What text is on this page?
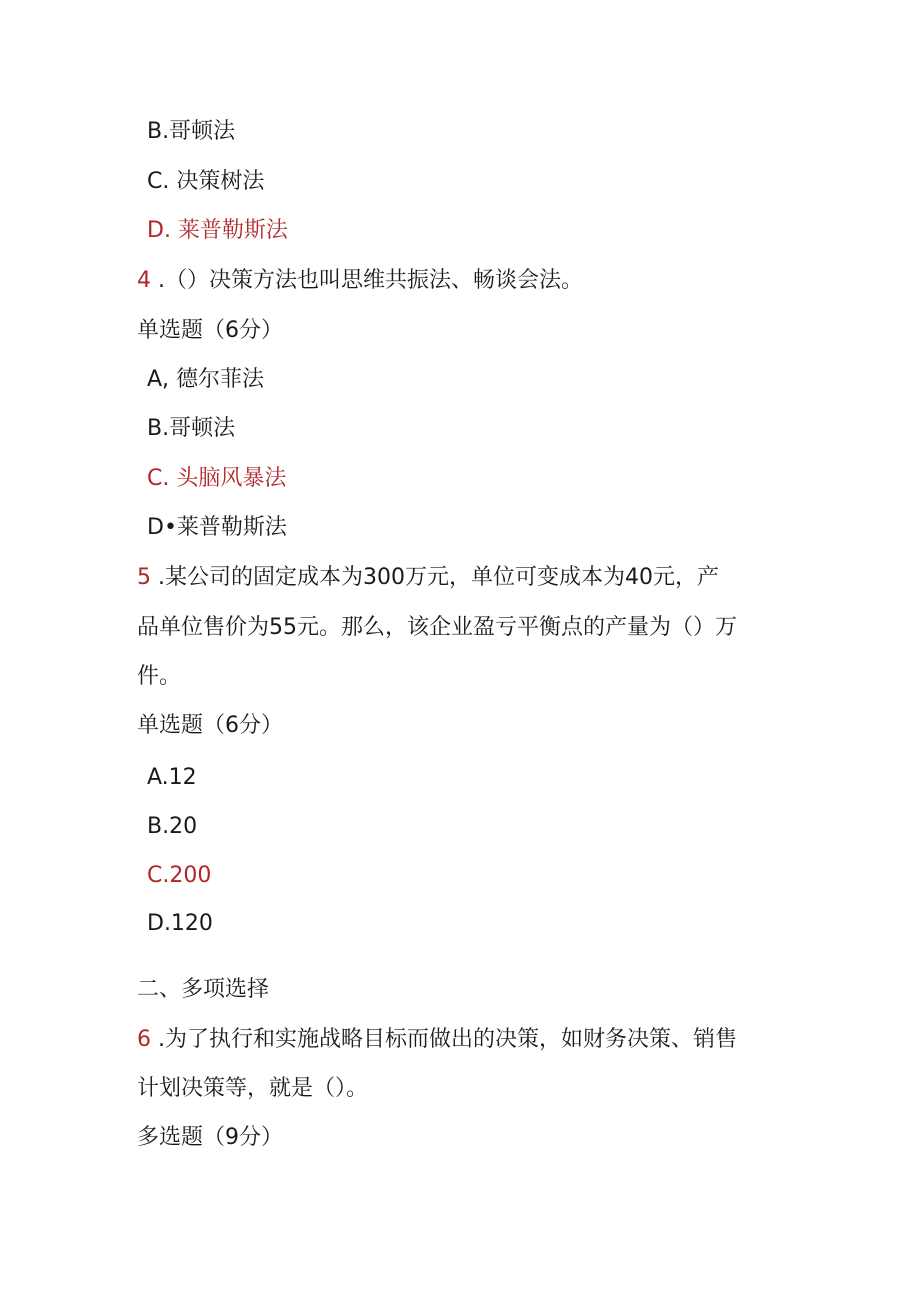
B.哥顿法
C. 决策树法
D. 莱普勒斯法
4 .（）决策方法也叫思维共振法、畅谈会法。
单选题（6分）
A, 德尔菲法
B.哥顿法
C. 头脑风暴法
D•莱普勒斯法
5 .某公司的固定成本为300万元，单位可变成本为40元，产
品单位售价为55元。那么，该企业盈亏平衡点的产量为（）万
件。
单选题（6分）
A.12
B.20
C.200
D.120
二、多项选择
6 .为了执行和实施战略目标而做出的决策，如财务决策、销售
计划决策等，就是（）。
多选题（9分）
